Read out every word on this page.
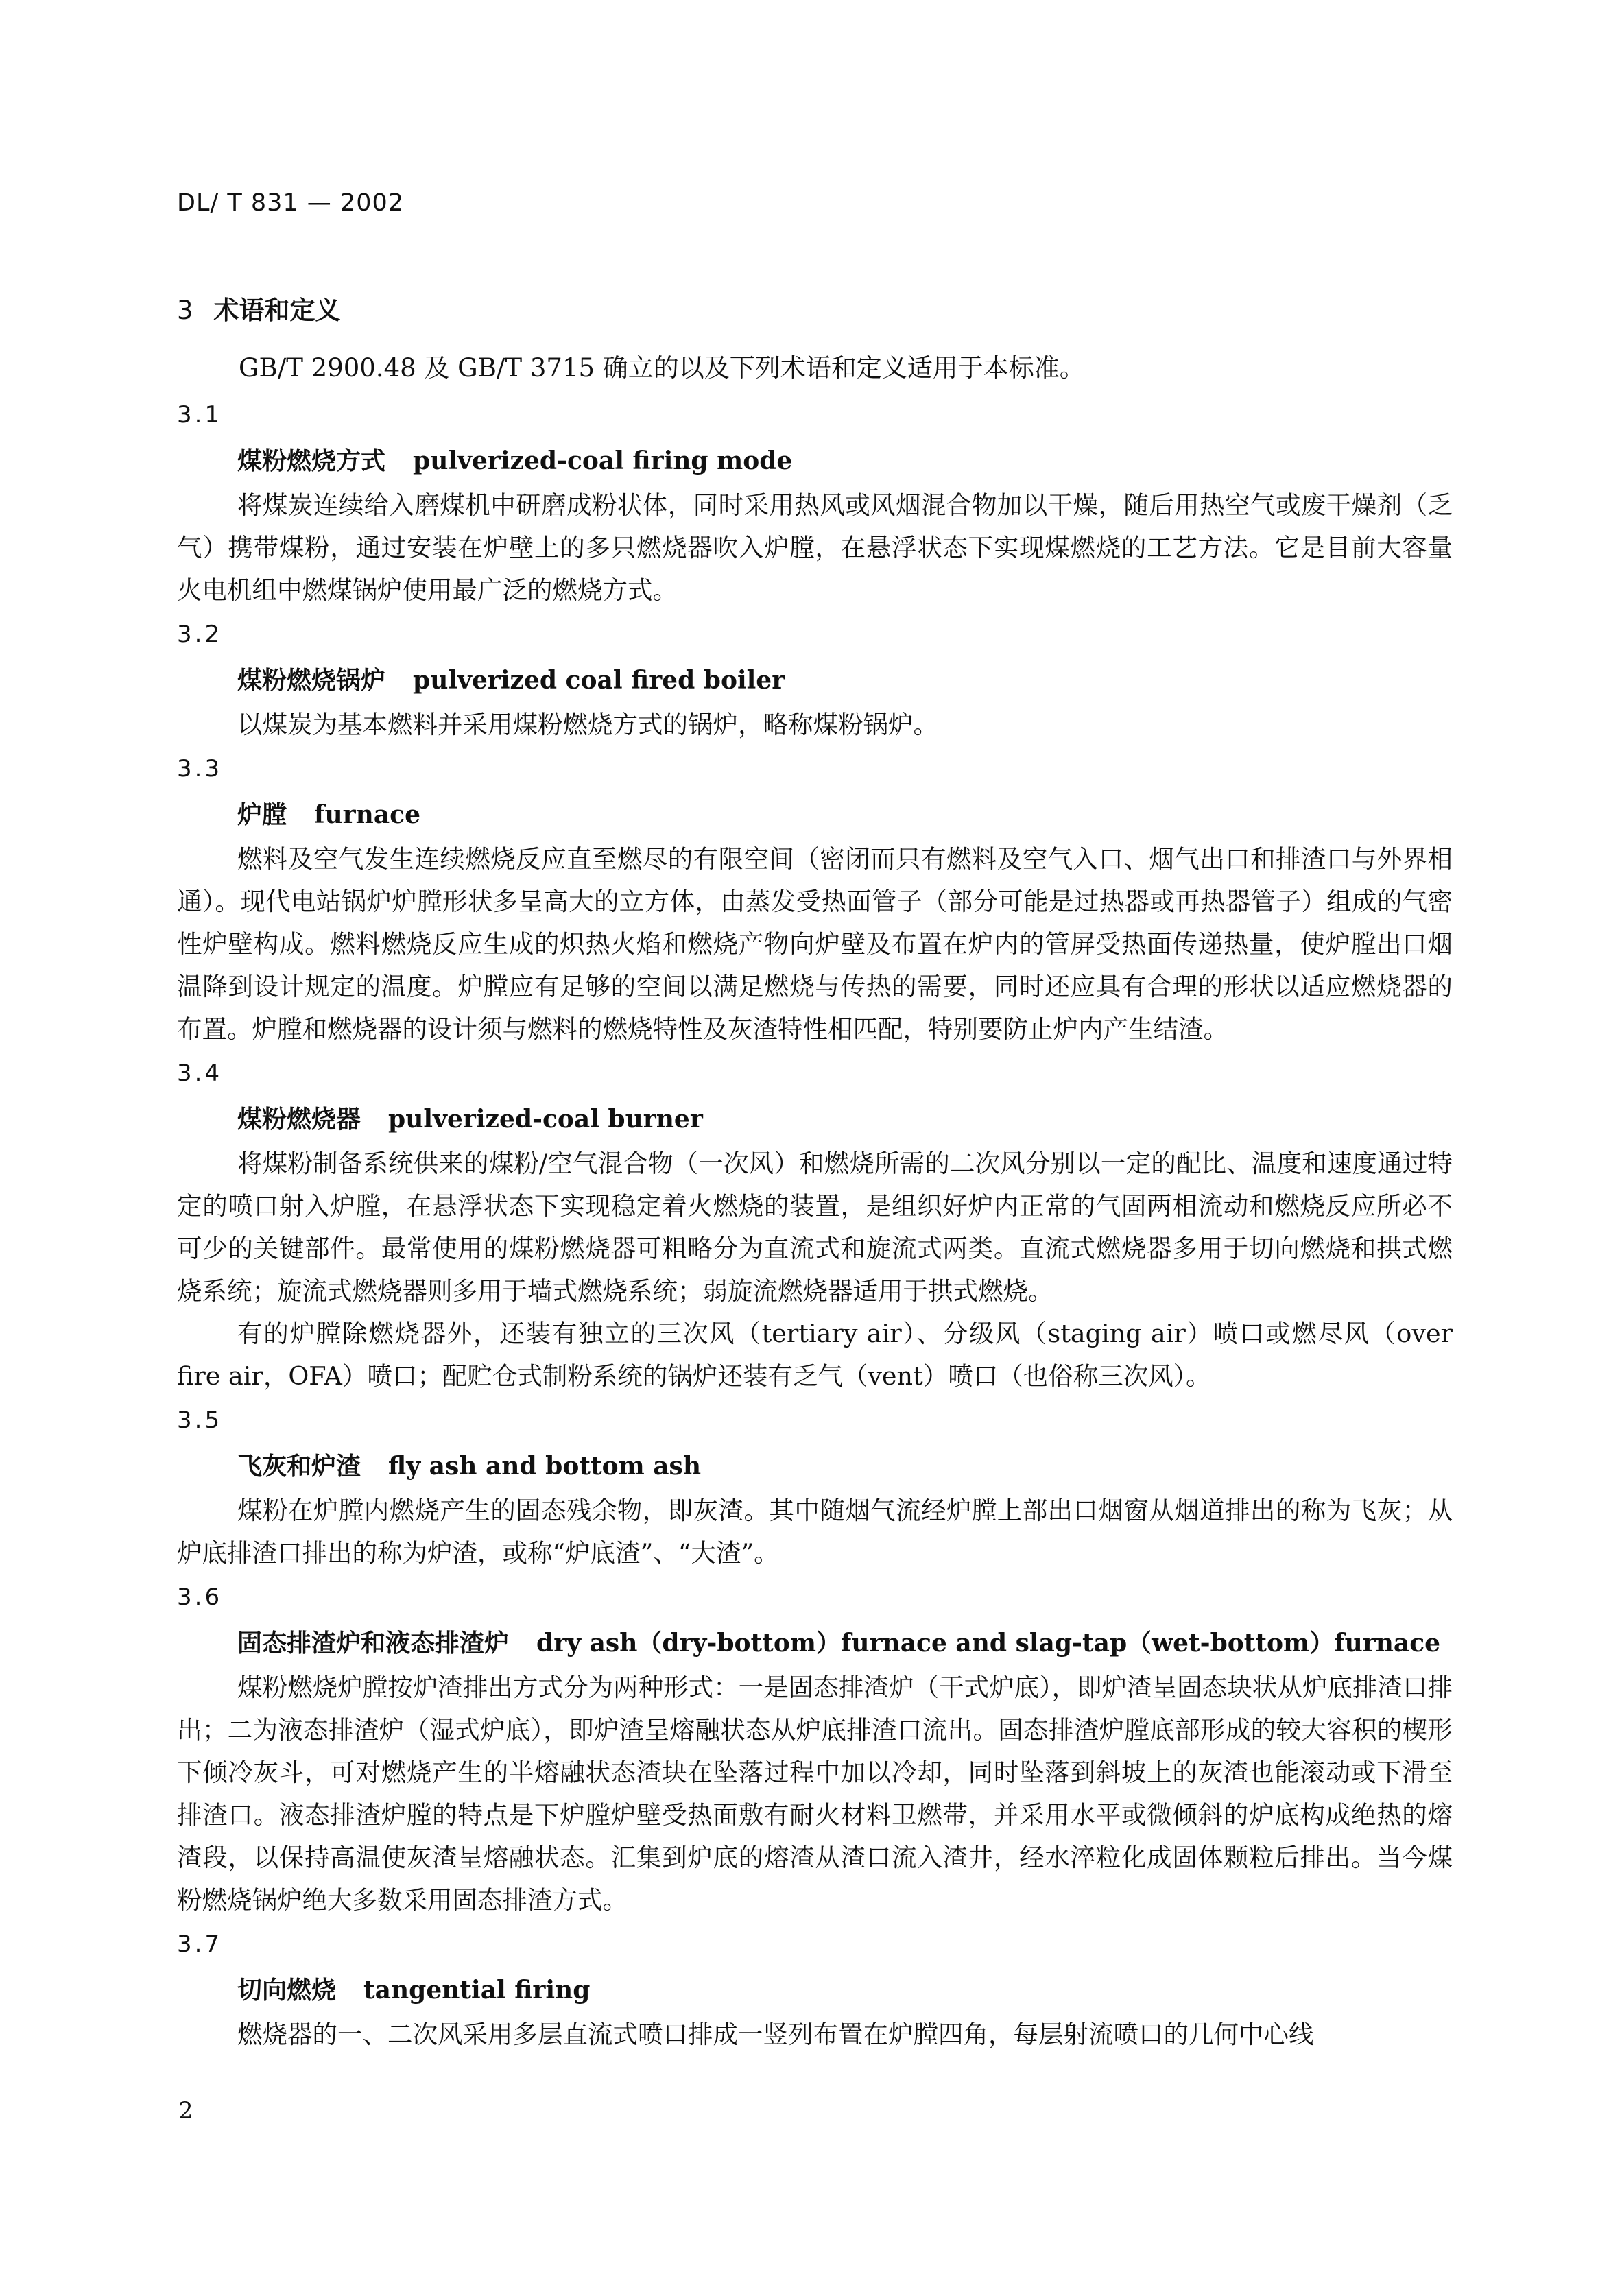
DL/ T 831 — 2002
3 术语和定义
GB/T 2900.48 及 GB/T 3715 确立的以及下列术语和定义适用于本标准。
3.1
煤粉燃烧方式 pulverized-coal firing mode
将煤炭连续给入磨煤机中研磨成粉状体，同时采用热风或风烟混合物加以干燥，随后用热空气或废干燥剂（乏气）携带煤粉，通过安装在炉壁上的多只燃烧器吹入炉膛，在悬浮状态下实现煤燃烧的工艺方法。它是目前大容量火电机组中燃煤锅炉使用最广泛的燃烧方式。
3.2
煤粉燃烧锅炉 pulverized coal fired boiler
以煤炭为基本燃料并采用煤粉燃烧方式的锅炉，略称煤粉锅炉。
3.3
炉膛 furnace
燃料及空气发生连续燃烧反应直至燃尽的有限空间（密闭而只有燃料及空气入口、烟气出口和排渣口与外界相通）。现代电站锅炉炉膛形状多呈高大的立方体，由蒸发受热面管子（部分可能是过热器或再热器管子）组成的气密性炉壁构成。燃料燃烧反应生成的炽热火焰和燃烧产物向炉壁及布置在炉内的管屏受热面传递热量，使炉膛出口烟温降到设计规定的温度。炉膛应有足够的空间以满足燃烧与传热的需要，同时还应具有合理的形状以适应燃烧器的布置。炉膛和燃烧器的设计须与燃料的燃烧特性及灰渣特性相匹配，特别要防止炉内产生结渣。
3.4
煤粉燃烧器 pulverized-coal burner
将煤粉制备系统供来的煤粉/空气混合物（一次风）和燃烧所需的二次风分别以一定的配比、温度和速度通过特定的喷口射入炉膛，在悬浮状态下实现稳定着火燃烧的装置，是组织好炉内正常的气固两相流动和燃烧反应所必不可少的关键部件。最常使用的煤粉燃烧器可粗略分为直流式和旋流式两类。直流式燃烧器多用于切向燃烧和拱式燃烧系统；旋流式燃烧器则多用于墙式燃烧系统；弱旋流燃烧器适用于拱式燃烧。
有的炉膛除燃烧器外，还装有独立的三次风（tertiary air）、分级风（staging air）喷口或燃尽风（over fire air，OFA）喷口；配贮仓式制粉系统的锅炉还装有乏气（vent）喷口（也俗称三次风）。
3.5
飞灰和炉渣 fly ash and bottom ash
煤粉在炉膛内燃烧产生的固态残余物，即灰渣。其中随烟气流经炉膛上部出口烟窗从烟道排出的称为飞灰；从炉底排渣口排出的称为炉渣，或称“炉底渣”、“大渣”。
3.6
固态排渣炉和液态排渣炉 dry ash（dry-bottom）furnace and slag-tap（wet-bottom）furnace
煤粉燃烧炉膛按炉渣排出方式分为两种形式：一是固态排渣炉（干式炉底），即炉渣呈固态块状从炉底排渣口排出；二为液态排渣炉（湿式炉底），即炉渣呈熔融状态从炉底排渣口流出。固态排渣炉膛底部形成的较大容积的楔形下倾冷灰斗，可对燃烧产生的半熔融状态渣块在坠落过程中加以冷却，同时坠落到斜坡上的灰渣也能滚动或下滑至排渣口。液态排渣炉膛的特点是下炉膛炉壁受热面敷有耐火材料卫燃带，并采用水平或微倾斜的炉底构成绝热的熔渣段，以保持高温使灰渣呈熔融状态。汇集到炉底的熔渣从渣口流入渣井，经水淬粒化成固体颗粒后排出。当今煤粉燃烧锅炉绝大多数采用固态排渣方式。
3.7
切向燃烧 tangential firing
燃烧器的一、二次风采用多层直流式喷口排成一竖列布置在炉膛四角，每层射流喷口的几何中心线
2
